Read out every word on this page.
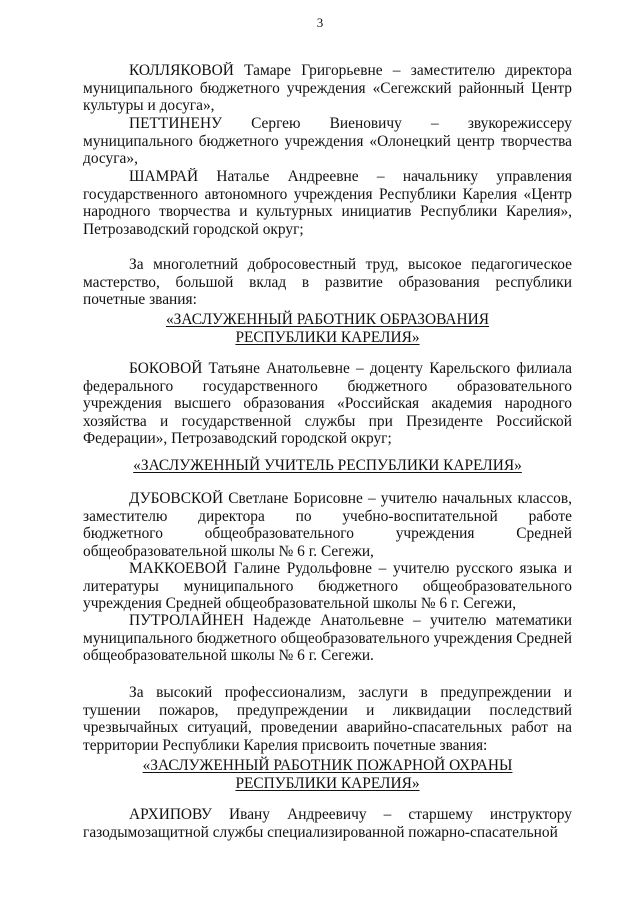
3
КОЛЛЯКОВОЙ Тамаре Григорьевне – заместителю директора
муниципального бюджетного учреждения «Сегежский районный Центр
культуры и досуга»,
ПЕТТИНЕНУ Сергею Виеновичу – звукорежиссеру
муниципального бюджетного учреждения «Олонецкий центр творчества
досуга»,
ШАМРАЙ Наталье Андреевне – начальнику управления
государственного автономного учреждения Республики Карелия «Центр
народного творчества и культурных инициатив Республики Карелия»,
Петрозаводский городской округ;
За многолетний добросовестный труд, высокое педагогическое
мастерство, большой вклад в развитие образования республики
почетные звания:
БОКОВОЙ Татьяне Анатольевне – доценту Карельского филиала
федерального государственного бюджетного образовательного
учреждения высшего образования «Российская академия народного
хозяйства и государственной службы при Президенте Российской
Федерации», Петрозаводский городской округ;
ДУБОВСКОЙ Светлане Борисовне – учителю начальных классов,
заместителю директора по учебно-воспитательной работе
бюджетного общеобразовательного учреждения Средней
общеобразовательной школы № 6 г. Сегежи,
МАККОЕВОЙ Галине Рудольфовне – учителю русского языка и
литературы муниципального бюджетного общеобразовательного
учреждения Средней общеобразовательной школы № 6 г. Сегежи,
ПУТРОЛАЙНЕН Надежде Анатольевне – учителю математики
муниципального бюджетного общеобразовательного учреждения Средней
общеобразовательной школы № 6 г. Сегежи.
За высокий профессионализм, заслуги в предупреждении и
тушении пожаров, предупреждении и ликвидации последствий
чрезвычайных ситуаций, проведении аварийно-спасательных работ на
территории Республики Карелия присвоить почетные звания:
АРХИПОВУ Ивану Андреевичу – старшему инструктору
газодымозащитной службы специализированной пожарно-спасательной
«ЗАСЛУЖЕННЫЙ РАБОТНИК ОБРАЗОВАНИЯ
РЕСПУБЛИКИ КАРЕЛИЯ»
«ЗАСЛУЖЕННЫЙ УЧИТЕЛЬ РЕСПУБЛИКИ КАРЕЛИЯ»
«ЗАСЛУЖЕННЫЙ РАБОТНИК ПОЖАРНОЙ ОХРАНЫ
РЕСПУБЛИКИ КАРЕЛИЯ»
